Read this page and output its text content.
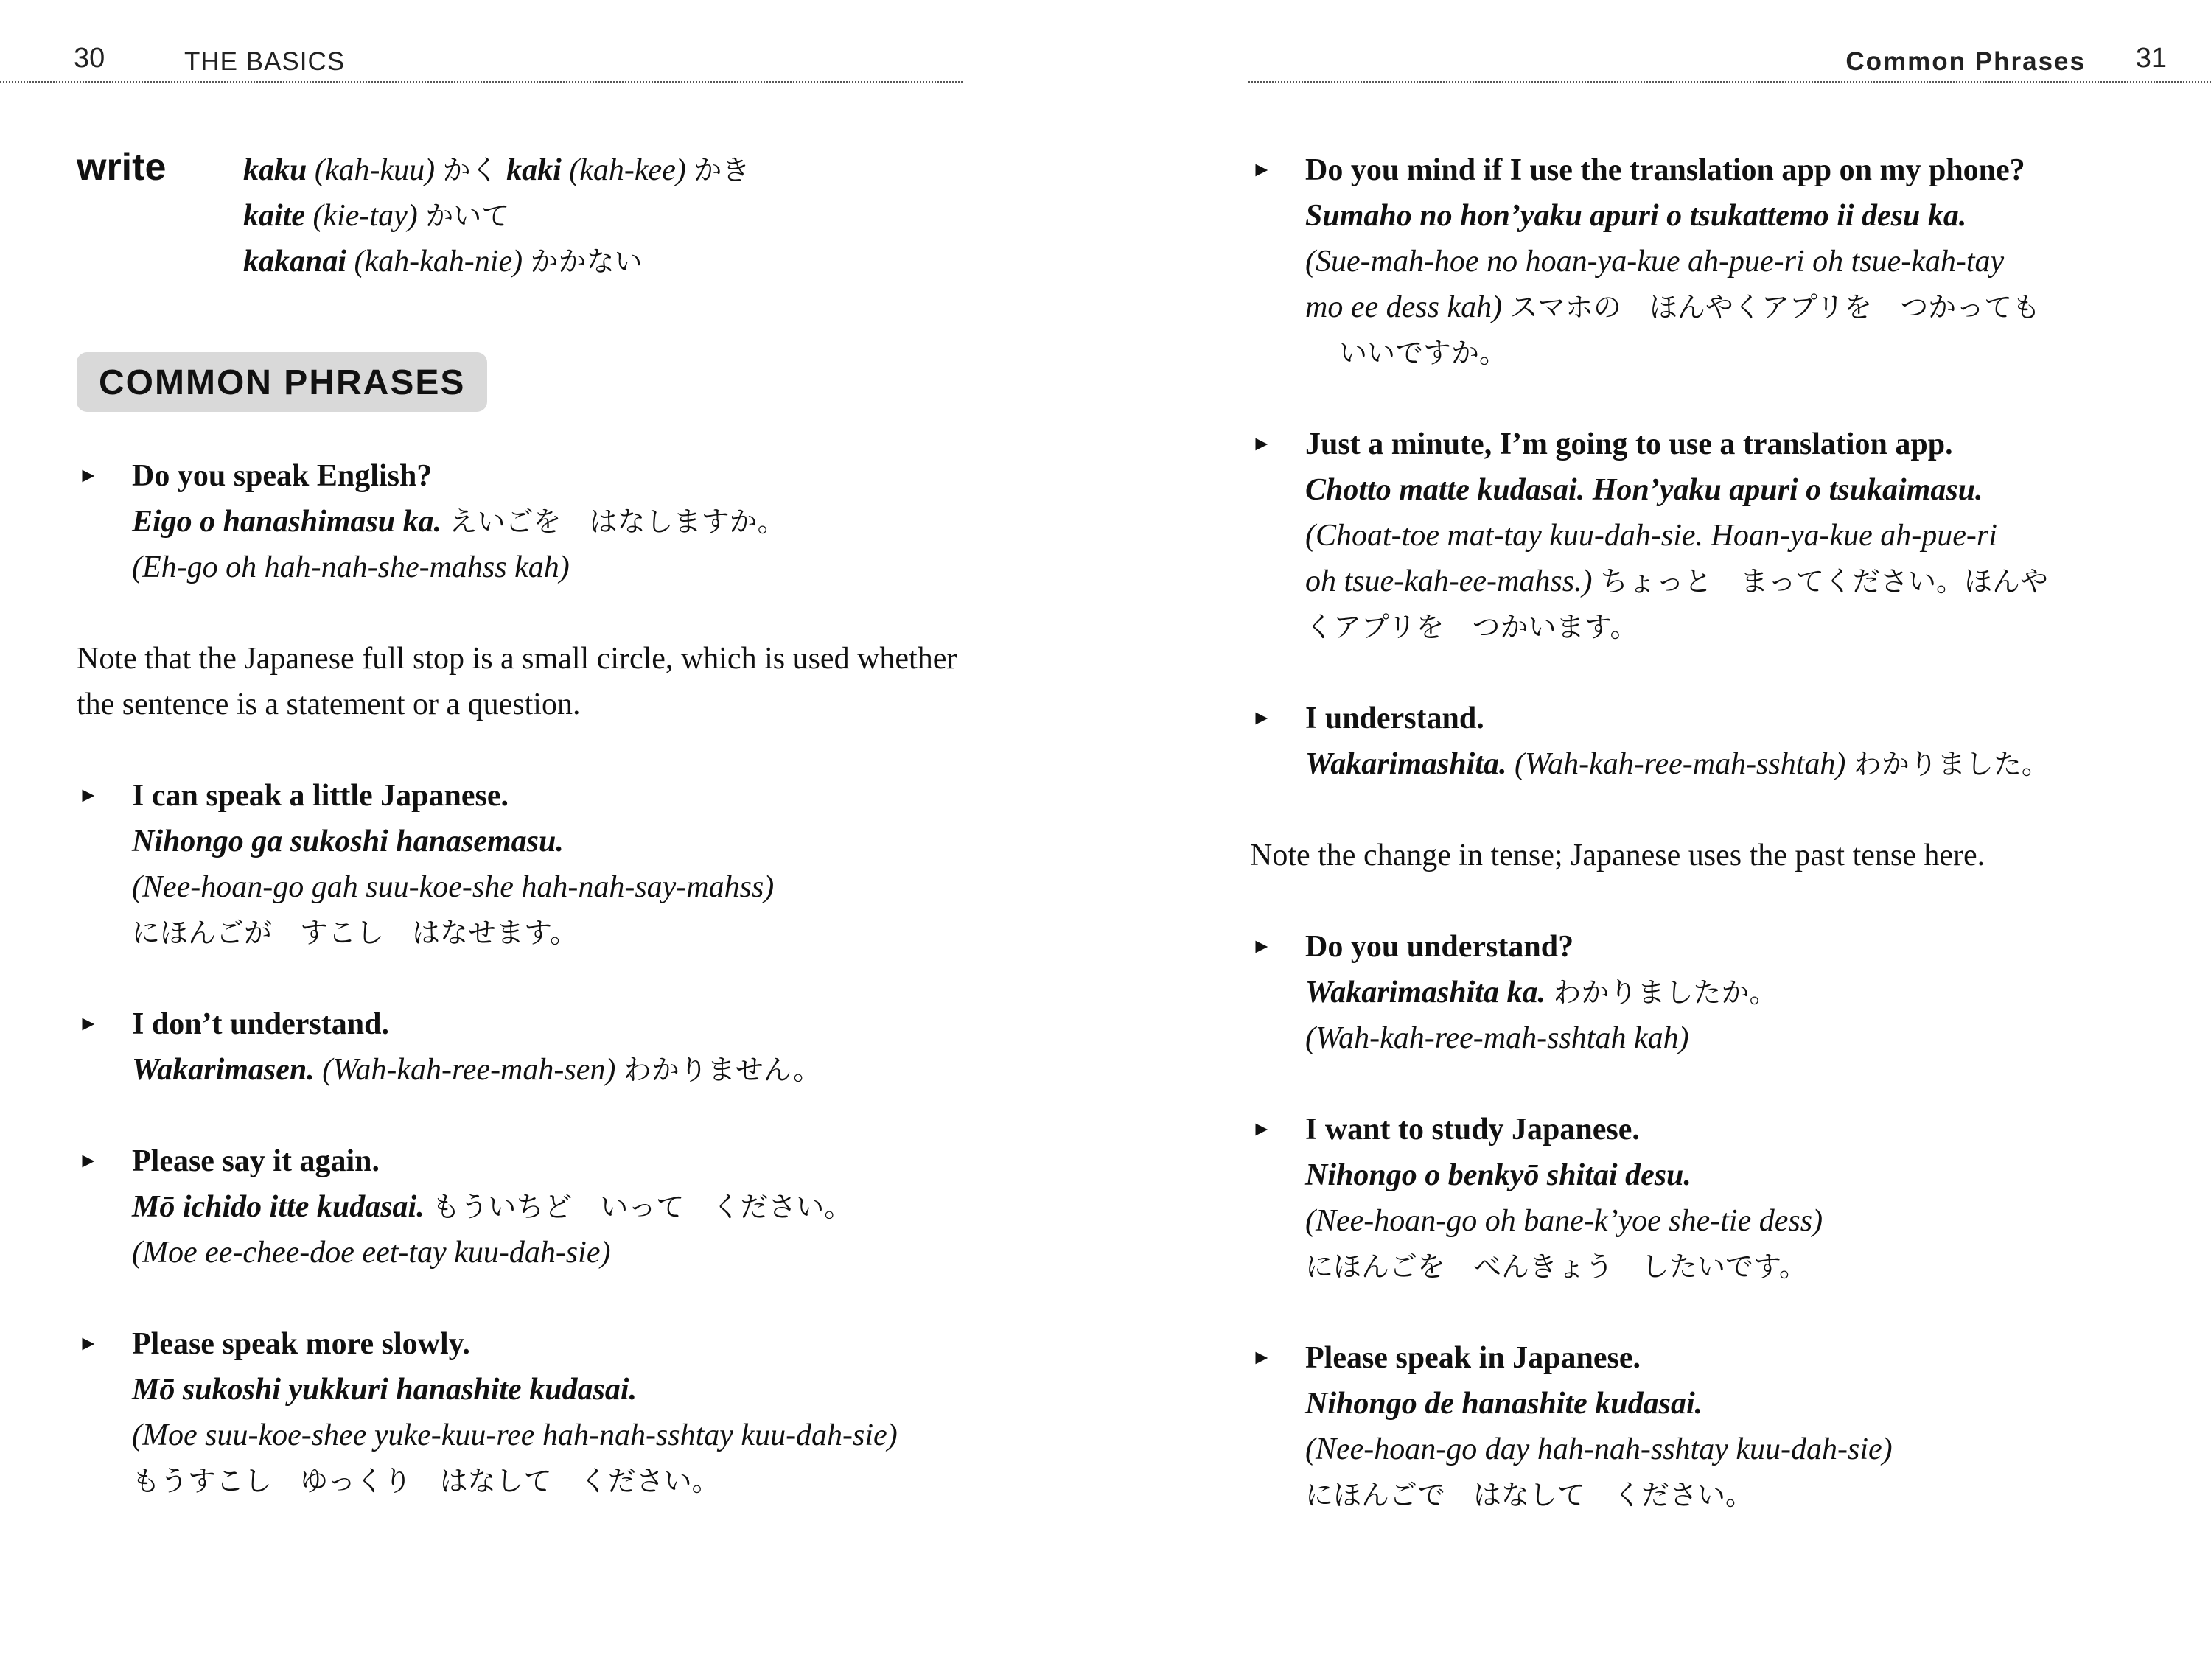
30	THE BASICS
write	kaku (kah-kuu) かく kaki (kah-kee) かき

kaite (kie-tay) かいて

kakanai (kah-kah-nie) かかない

COMMON PHRASES
► Do you speak English?

Eigo o hanashimasu ka. えいごを　はなしますか。

(Eh-go oh hah-nah-she-mahss kah)

Note that the Japanese full stop is a small circle, which is used whether the sentence is a statement or a question.

► I can speak a little Japanese.

Nihongo ga sukoshi hanasemasu.

(Nee-hoan-go gah suu-koe-she hah-nah-say-mahss)

にほんごが　すこし　はなせます。

► I don’t understand.

Wakarimasen. (Wah-kah-ree-mah-sen) わかりません。

► Please say it again.

Mō ichido itte kudasai. もういちど　いって　ください。

(Moe ee-chee-doe eet-tay kuu-dah-sie)

► Please speak more slowly.

Mō sukoshi yukkuri hanashite kudasai.

(Moe suu-koe-shee yuke-kuu-ree hah-nah-sshtay kuu-dah-sie)

もうすこし　ゆっくり　はなして　ください。

Common Phrases 31
► Do you mind if I use the translation app on my phone?

Sumaho no hon’yaku apuri o tsukattemo ii desu ka.

(Sue-mah-hoe no hoan-ya-kue ah-pue-ri oh tsue-kah-tay

mo ee dess kah) スマホの　ほんやくアプリを　つかっても

いいですか。

► Just a minute, I’m going to use a translation app.

Chotto matte kudasai. Hon’yaku apuri o tsukaimasu.

(Choat-toe mat-tay kuu-dah-sie. Hoan-ya-kue ah-pue-ri

oh tsue-kah-ee-mahss.) ちょっと　まってください。ほんや

くアプリを　つかいます。

► I understand.

Wakarimashita. (Wah-kah-ree-mah-sshtah) わかりました。

Note the change in tense; Japanese uses the past tense here.

► Do you understand?

Wakarimashita ka. わかりましたか。

(Wah-kah-ree-mah-sshtah kah)

► I want to study Japanese.

Nihongo o benkyō shitai desu.

(Nee-hoan-go oh bane-k’yoe she-tie dess)

にほんごを　べんきょう　したいです。

► Please speak in Japanese.

Nihongo de hanashite kudasai.

(Nee-hoan-go day hah-nah-sshtay kuu-dah-sie)

にほんごで　はなして　ください。
